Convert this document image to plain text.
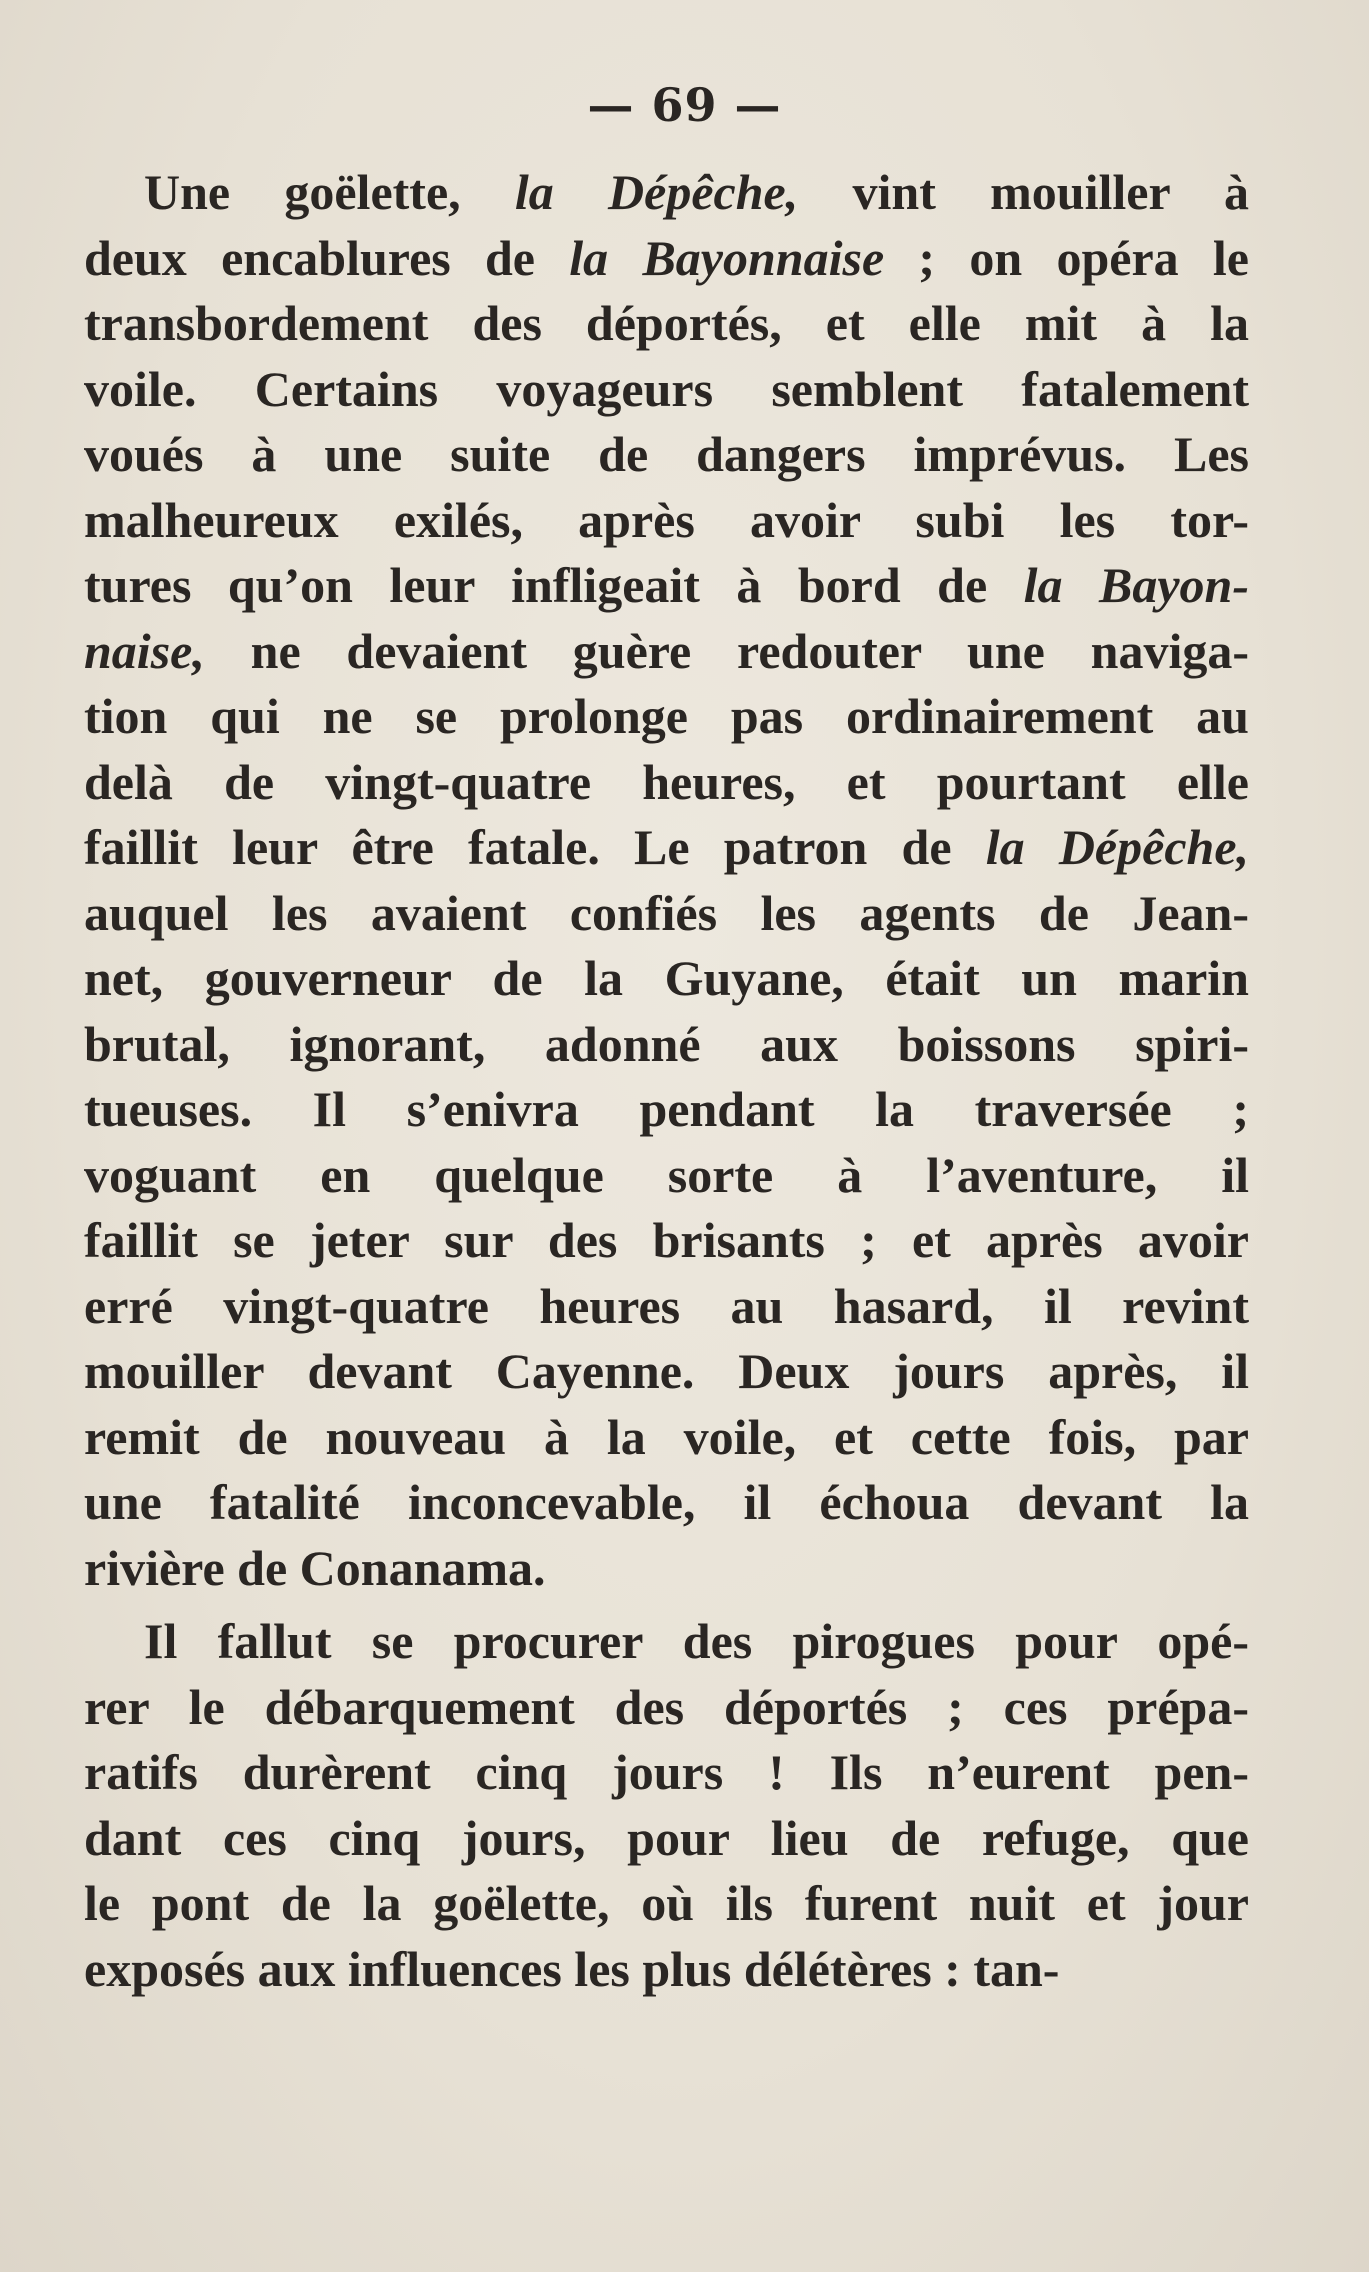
— 69 —
Une goëlette, la Dépêche, vint mouiller à
deux encablures de la Bayonnaise ; on opéra le
transbordement des déportés, et elle mit à la
voile. Certains voyageurs semblent fatalement
voués à une suite de dangers imprévus. Les
malheureux exilés, après avoir subi les tor-
tures qu’on leur infligeait à bord de la Bayon-
naise, ne devaient guère redouter une naviga-
tion qui ne se prolonge pas ordinairement au
delà de vingt-quatre heures, et pourtant elle
faillit leur être fatale. Le patron de la Dépêche,
auquel les avaient confiés les agents de Jean-
net, gouverneur de la Guyane, était un marin
brutal, ignorant, adonné aux boissons spiri-
tueuses. Il s’enivra pendant la traversée ;
voguant en quelque sorte à l’aventure, il
faillit se jeter sur des brisants ; et après avoir
erré vingt-quatre heures au hasard, il revint
mouiller devant Cayenne. Deux jours après, il
remit de nouveau à la voile, et cette fois, par
une fatalité inconcevable, il échoua devant la
rivière de Conanama.
Il fallut se procurer des pirogues pour opé-
rer le débarquement des déportés ; ces prépa-
ratifs durèrent cinq jours ! Ils n’eurent pen-
dant ces cinq jours, pour lieu de refuge, que
le pont de la goëlette, où ils furent nuit et jour
exposés aux influences les plus délétères : tan-
